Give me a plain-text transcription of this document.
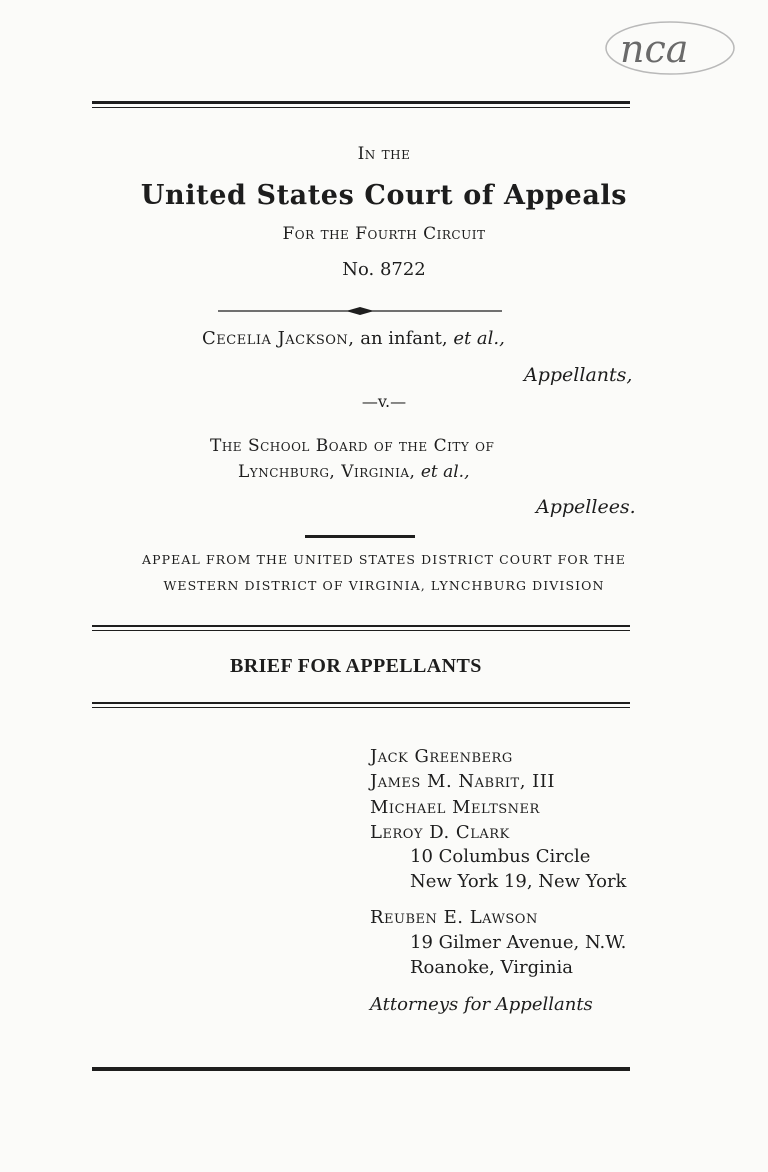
nca
In the
United States Court of Appeals
For the Fourth Circuit
No. 8722
Cecelia Jackson, an infant, et al.,
Appellants,
—v.—
The School Board of the City of
Lynchburg, Virginia, et al.,
Appellees.
APPEAL FROM THE UNITED STATES DISTRICT COURT FOR THE
WESTERN DISTRICT OF VIRGINIA, LYNCHBURG DIVISION
BRIEF FOR APPELLANTS
Jack Greenberg
James M. Nabrit, III
Michael Meltsner
Leroy D. Clark
10 Columbus Circle
New York 19, New York
Reuben E. Lawson
19 Gilmer Avenue, N.W.
Roanoke, Virginia
Attorneys for Appellants
